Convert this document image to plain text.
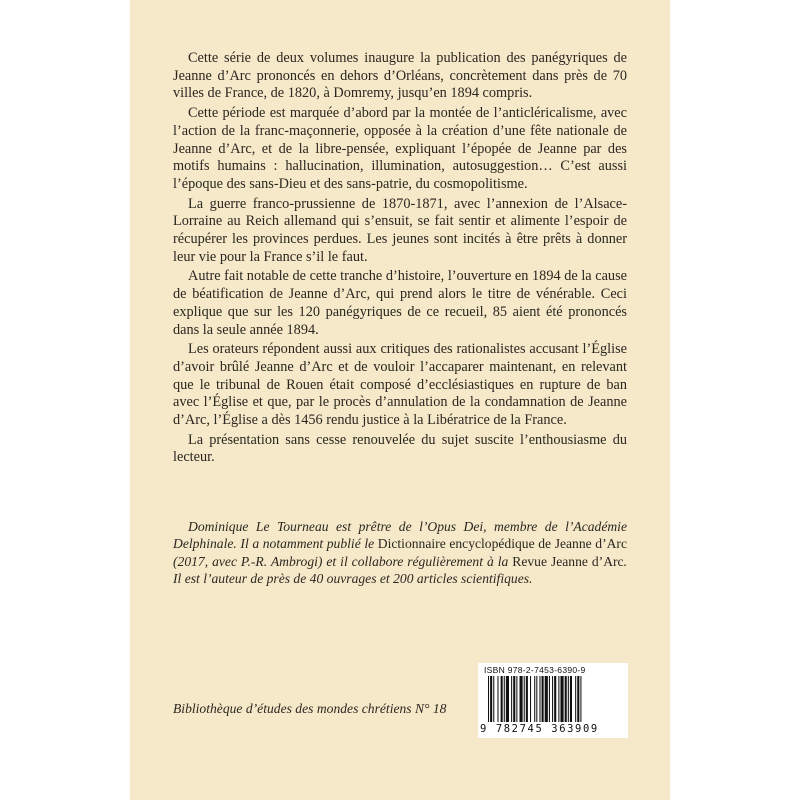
Cette série de deux volumes inaugure la publication des panégyriques de Jeanne d’Arc prononcés en dehors d’Orléans, concrètement dans près de 70 villes de France, de 1820, à Domremy, jusqu’en 1894 compris.

Cette période est marquée d’abord par la montée de l’anticléricalisme, avec l’action de la franc-maçonnerie, opposée à la création d’une fête nationale de Jeanne d’Arc, et de la libre-pensée, expliquant l’épopée de Jeanne par des motifs humains : hallucination, illumination, autosuggestion… C’est aussi l’époque des sans-Dieu et des sans-patrie, du cosmopolitisme.

La guerre franco-prussienne de 1870-1871, avec l’annexion de l’Alsace-Lorraine au Reich allemand qui s’ensuit, se fait sentir et alimente l’espoir de récupérer les provinces perdues. Les jeunes sont incités à être prêts à donner leur vie pour la France s’il le faut.

Autre fait notable de cette tranche d’histoire, l’ouverture en 1894 de la cause de béatification de Jeanne d’Arc, qui prend alors le titre de vénérable. Ceci explique que sur les 120 panégyriques de ce recueil, 85 aient été prononcés dans la seule année 1894.

Les orateurs répondent aussi aux critiques des rationalistes accusant l’Église d’avoir brûlé Jeanne d’Arc et de vouloir l’accaparer maintenant, en relevant que le tribunal de Rouen était composé d’ecclésiastiques en rupture de ban avec l’Église et que, par le procès d’annulation de la condamnation de Jeanne d’Arc, l’Église a dès 1456 rendu justice à la Libératrice de la France.

La présentation sans cesse renouvelée du sujet suscite l’enthousiasme du lecteur.

Dominique Le Tourneau est prêtre de l’Opus Dei, membre de l’Académie Delphinale. Il a notamment publié le Dictionnaire encyclopédique de Jeanne d’Arc (2017, avec P.-R. Ambrogi) et il collabore régulièrement à la Revue Jeanne d’Arc. Il est l’auteur de près de 40 ouvrages et 200 articles scientifiques.
Bibliothèque d’études des mondes chrétiens N° 18
ISBN 978-2-7453-6390-9
9 782745 363909
